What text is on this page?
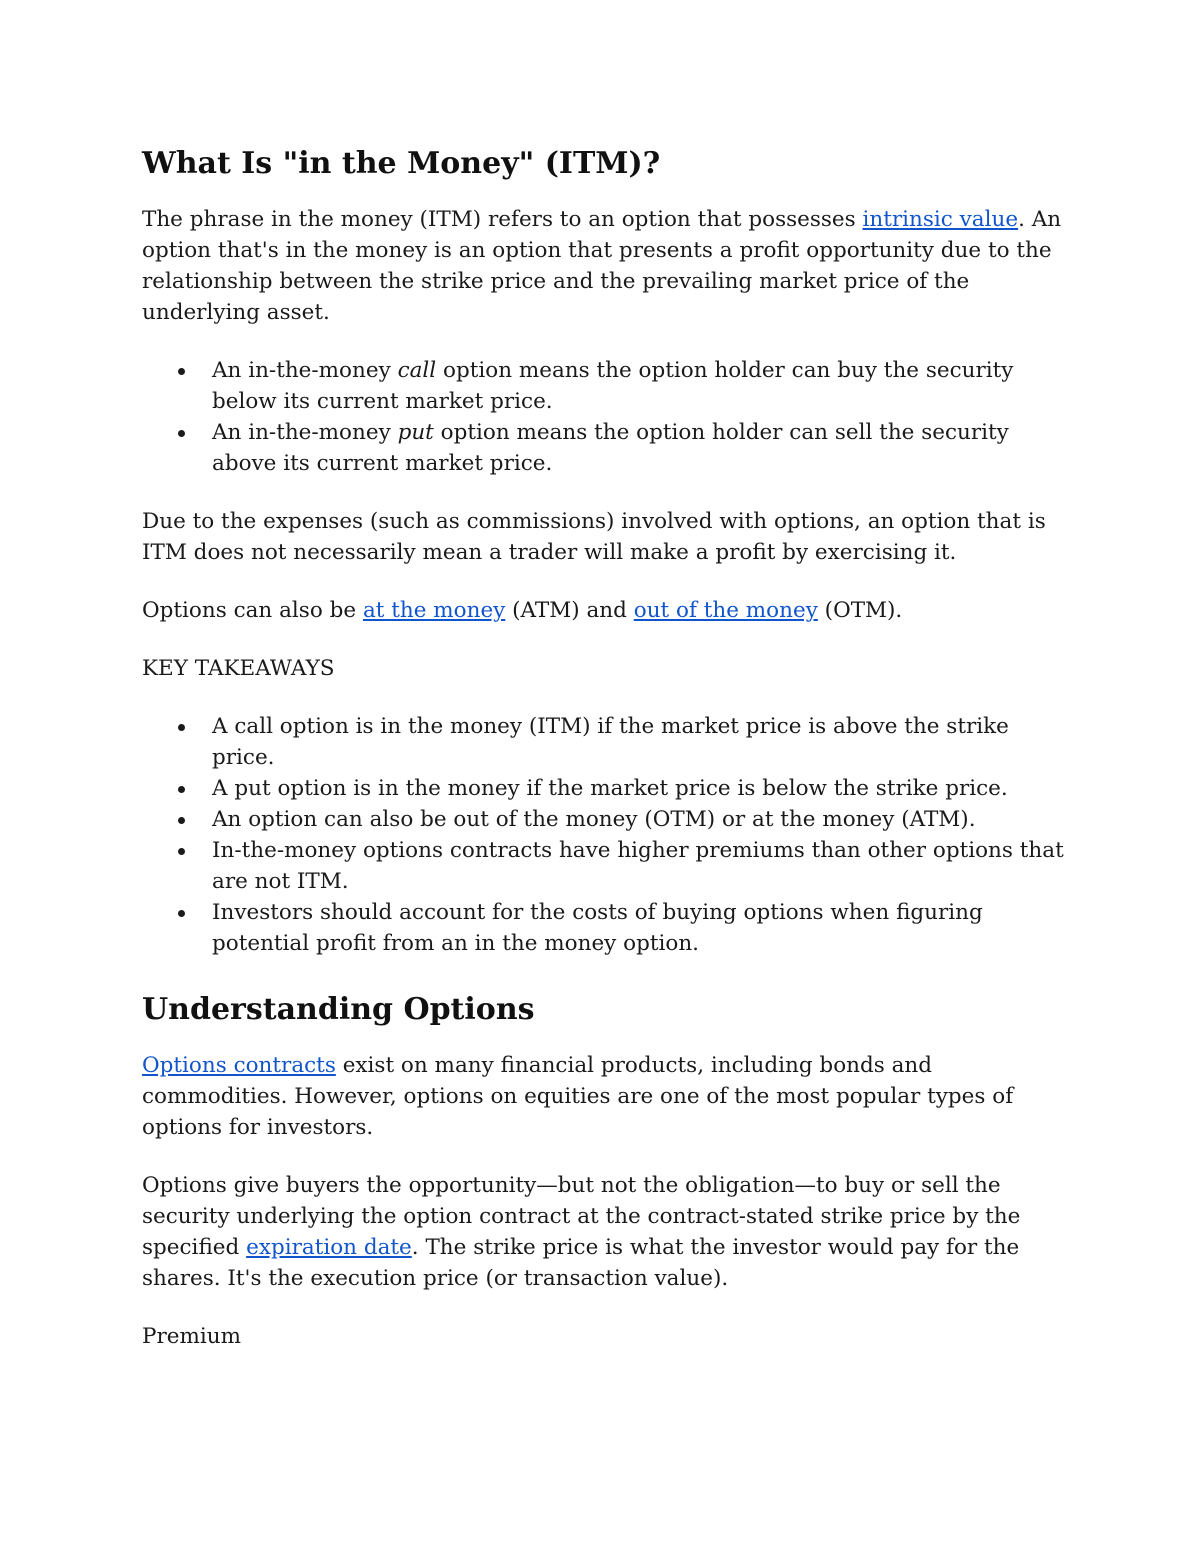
What Is "in the Money" (ITM)?

The phrase in the money (ITM) refers to an option that possesses intrinsic value. An option that's in the money is an option that presents a profit opportunity due to the relationship between the strike price and the prevailing market price of the underlying asset.

An in-the-money call option means the option holder can buy the security below its current market price.
An in-the-money put option means the option holder can sell the security above its current market price.

Due to the expenses (such as commissions) involved with options, an option that is ITM does not necessarily mean a trader will make a profit by exercising it.

Options can also be at the money (ATM) and out of the money (OTM).

KEY TAKEAWAYS

A call option is in the money (ITM) if the market price is above the strike price.
A put option is in the money if the market price is below the strike price.
An option can also be out of the money (OTM) or at the money (ATM).
In-the-money options contracts have higher premiums than other options that are not ITM.
Investors should account for the costs of buying options when figuring potential profit from an in the money option.
Understanding Options

Options contracts exist on many financial products, including bonds and commodities. However, options on equities are one of the most popular types of options for investors.

Options give buyers the opportunity—but not the obligation—to buy or sell the security underlying the option contract at the contract-stated strike price by the specified expiration date. The strike price is what the investor would pay for the shares. It's the execution price (or transaction value).

Premium
